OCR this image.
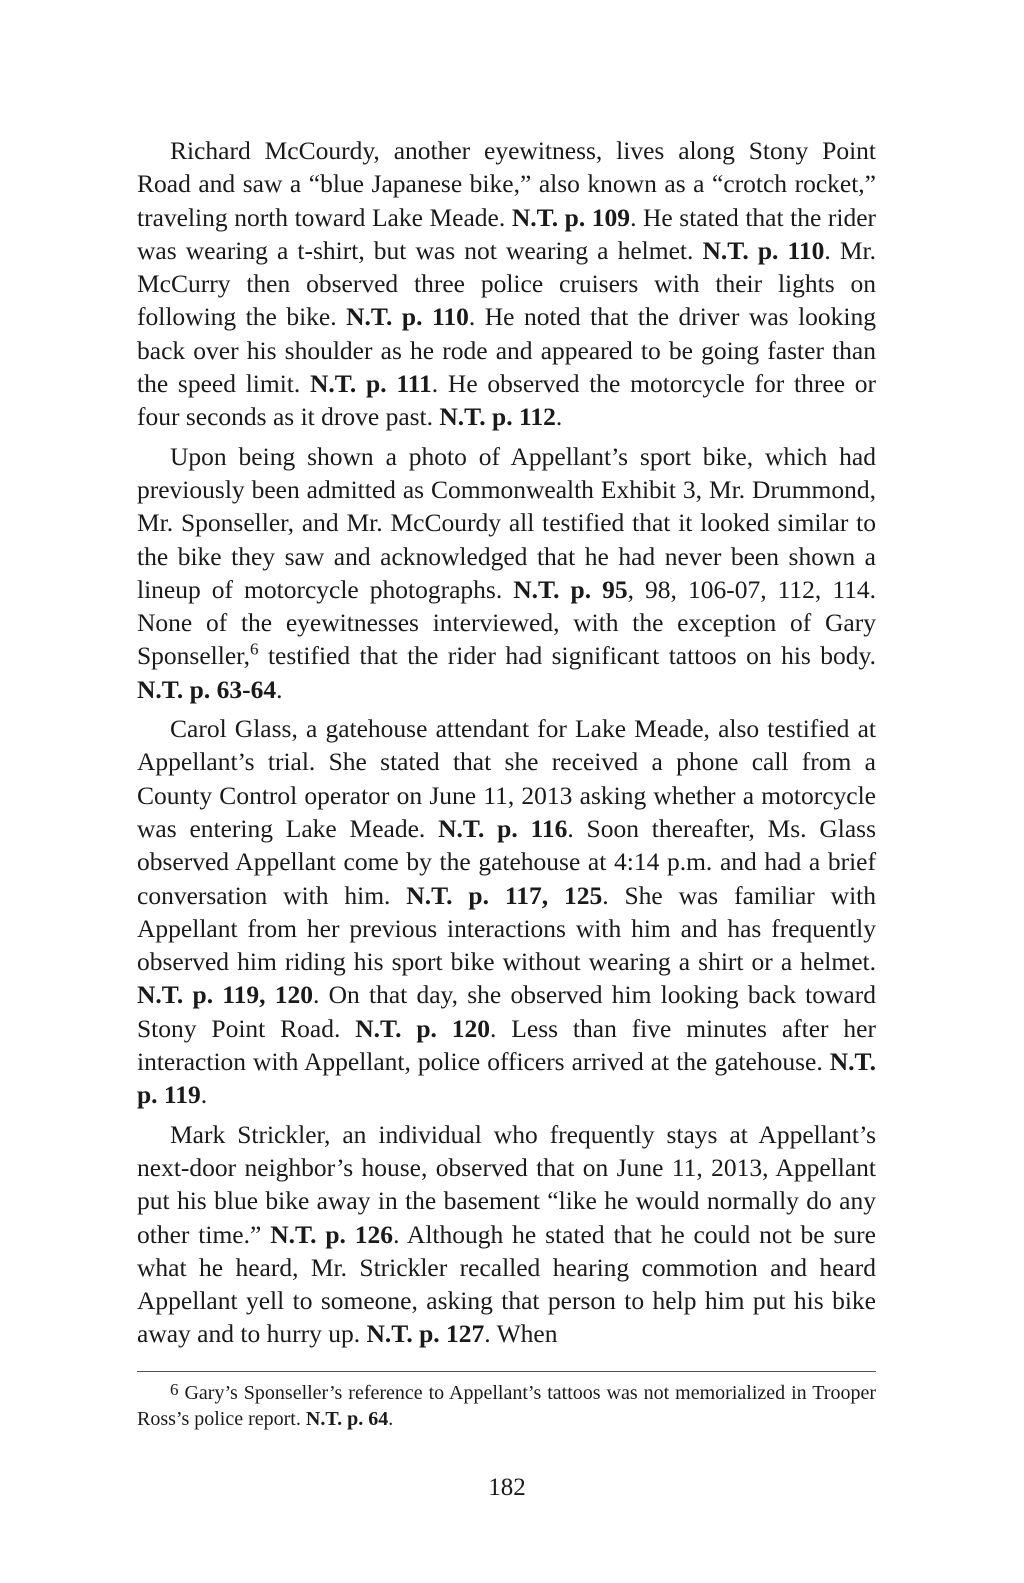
Richard McCourdy, another eyewitness, lives along Stony Point Road and saw a “blue Japanese bike,” also known as a “crotch rocket,” traveling north toward Lake Meade. N.T. p. 109. He stated that the rider was wearing a t-shirt, but was not wearing a helmet. N.T. p. 110. Mr. McCurry then observed three police cruisers with their lights on following the bike. N.T. p. 110. He noted that the driver was looking back over his shoulder as he rode and appeared to be going faster than the speed limit. N.T. p. 111. He observed the motorcycle for three or four seconds as it drove past. N.T. p. 112.

Upon being shown a photo of Appellant’s sport bike, which had previously been admitted as Commonwealth Exhibit 3, Mr. Drummond, Mr. Sponseller, and Mr. McCourdy all testified that it looked similar to the bike they saw and acknowledged that he had never been shown a lineup of motorcycle photographs. N.T. p. 95, 98, 106-07, 112, 114. None of the eyewitnesses interviewed, with the exception of Gary Sponseller,$^6$ testified that the rider had significant tattoos on his body. N.T. p. 63-64.

Carol Glass, a gatehouse attendant for Lake Meade, also testified at Appellant’s trial. She stated that she received a phone call from a County Control operator on June 11, 2013 asking whether a motorcycle was entering Lake Meade. N.T. p. 116. Soon thereafter, Ms. Glass observed Appellant come by the gatehouse at 4:14 p.m. and had a brief conversation with him. N.T. p. 117, 125. She was familiar with Appellant from her previous interactions with him and has frequently observed him riding his sport bike without wearing a shirt or a helmet. N.T. p. 119, 120. On that day, she observed him looking back toward Stony Point Road. N.T. p. 120. Less than five minutes after her interaction with Appellant, police officers arrived at the gatehouse. N.T. p. 119.

Mark Strickler, an individual who frequently stays at Appellant’s next-door neighbor’s house, observed that on June 11, 2013, Appellant put his blue bike away in the basement “like he would normally do any other time.” N.T. p. 126. Although he stated that he could not be sure what he heard, Mr. Strickler recalled hearing commotion and heard Appellant yell to someone, asking that person to help him put his bike away and to hurry up. N.T. p. 127. When

$^6$ Gary’s Sponseller’s reference to Appellant’s tattoos was not memorialized in Trooper Ross’s police report. N.T. p. 64.

182
